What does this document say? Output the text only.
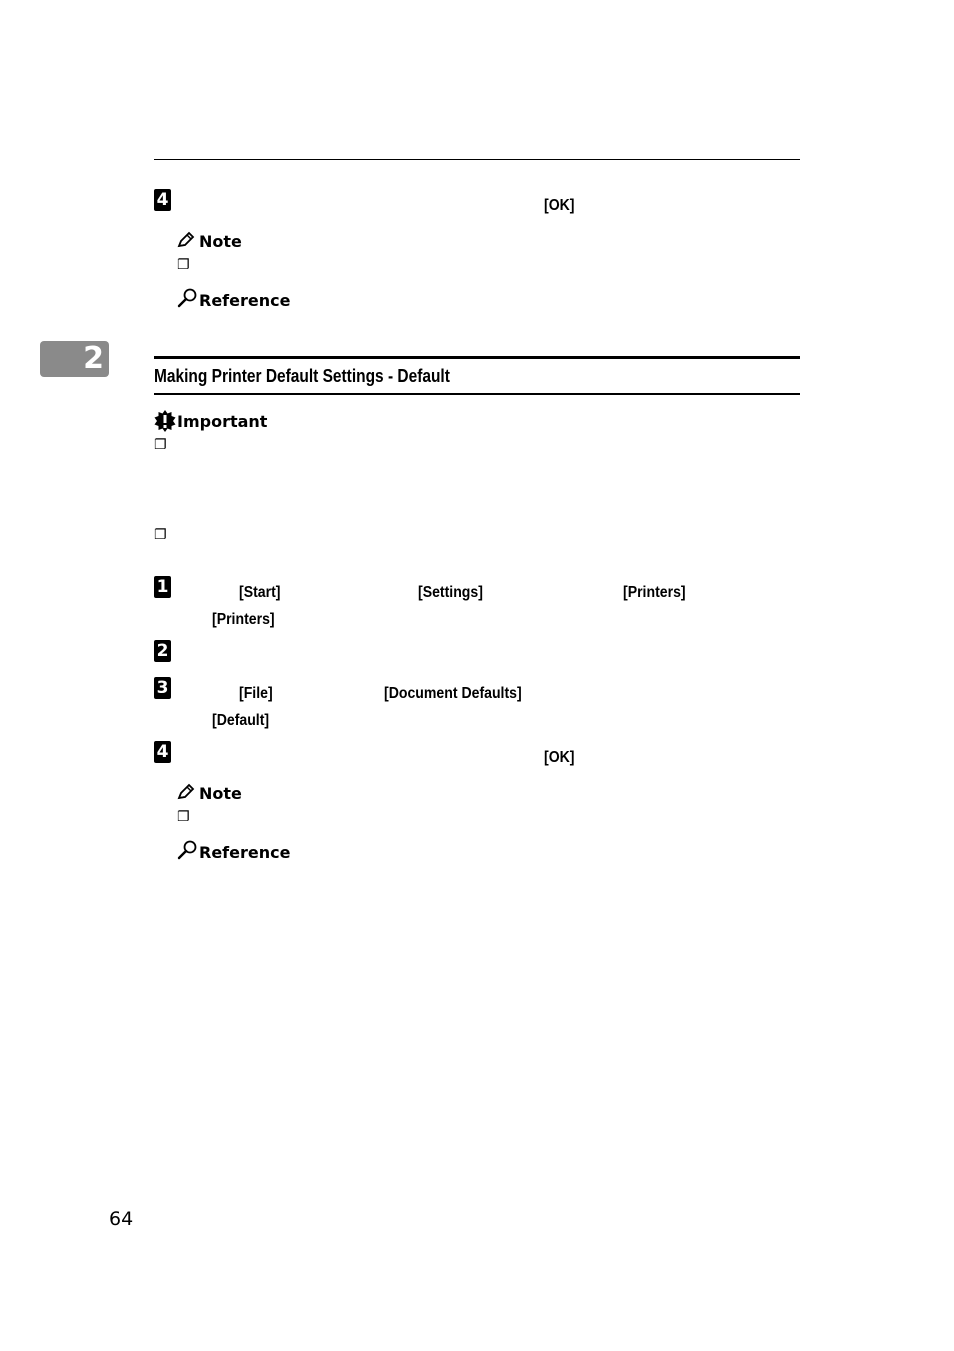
4	[OK]
Note
❐
Reference
2	Making Printer Default Settings - Default
Important
❐
❐
1	[Start]	[Settings]	[Printers]
[Printers]
2
3	[File]	[Document Defaults]
[Default]
4	[OK]
Note
❐
Reference
64
